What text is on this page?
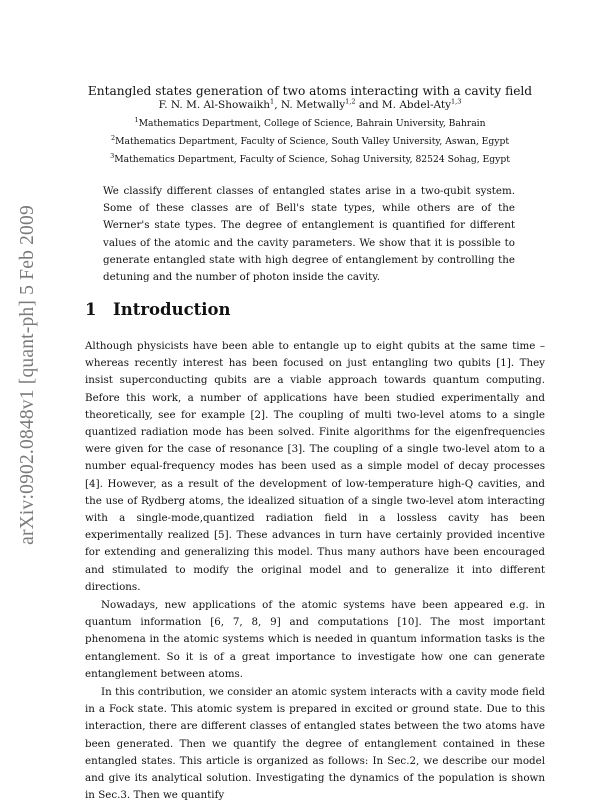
arXiv:0902.0848v1 [quant-ph] 5 Feb 2009
Entangled states generation of two atoms interacting with a cavity field
F. N. M. Al-Showaikh$^1$, N. Metwally$^{1,2}$ and M. Abdel-Aty$^{1,3}$
$^1$Mathematics Department, College of Science, Bahrain University, Bahrain
$^2$Mathematics Department, Faculty of Science, South Valley University, Aswan, Egypt
$^3$Mathematics Department, Faculty of Science, Sohag University, 82524 Sohag, Egypt
We classify different classes of entangled states arise in a two-qubit system. Some of these classes are of Bell's state types, while others are of the Werner's state types. The degree of entanglement is quantified for different values of the atomic and the cavity parameters. We show that it is possible to generate entangled state with high degree of entanglement by controlling the detuning and the number of photon inside the cavity.
1 Introduction

Although physicists have been able to entangle up to eight qubits at the same time – whereas recently interest has been focused on just entangling two qubits [1]. They insist superconducting qubits are a viable approach towards quantum computing. Before this work, a number of applications have been studied experimentally and theoretically, see for example [2]. The coupling of multi two-level atoms to a single quantized radiation mode has been solved. Finite algorithms for the eigenfrequencies were given for the case of resonance [3]. The coupling of a single two-level atom to a number equal-frequency modes has been used as a simple model of decay processes [4]. However, as a result of the development of low-temperature high-Q cavities, and the use of Rydberg atoms, the idealized situation of a single two-level atom interacting with a single-mode,quantized radiation field in a lossless cavity has been experimentally realized [5]. These advances in turn have certainly provided incentive for extending and generalizing this model. Thus many authors have been encouraged and stimulated to modify the original model and to generalize it into different directions.

Nowadays, new applications of the atomic systems have been appeared e.g. in quantum information [6, 7, 8, 9] and computations [10]. The most important phenomena in the atomic systems which is needed in quantum information tasks is the entanglement. So it is of a great importance to investigate how one can generate entanglement between atoms.

In this contribution, we consider an atomic system interacts with a cavity mode field in a Fock state. This atomic system is prepared in excited or ground state. Due to this interaction, there are different classes of entangled states between the two atoms have been generated. Then we quantify the degree of entanglement contained in these entangled states. This article is organized as follows: In Sec.2, we describe our model and give its analytical solution. Investigating the dynamics of the population is shown in Sec.3. Then we quantify
